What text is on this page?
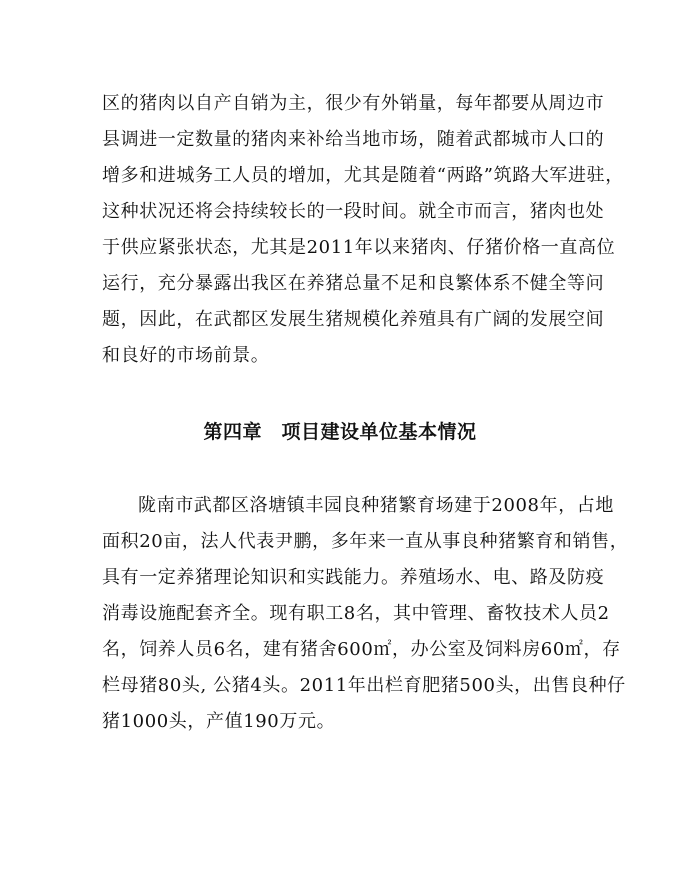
区的猪肉以自产自销为主，很少有外销量，每年都要从周边市
县调进一定数量的猪肉来补给当地市场，随着武都城市人口的
增多和进城务工人员的增加，尤其是随着“两路”筑路大军进驻，
这种状况还将会持续较长的一段时间。就全市而言，猪肉也处
于供应紧张状态，尤其是2011年以来猪肉、仔猪价格一直高位
运行，充分暴露出我区在养猪总量不足和良繁体系不健全等问
题，因此，在武都区发展生猪规模化养殖具有广阔的发展空间
和良好的市场前景。
第四章　项目建设单位基本情况
陇南市武都区洛塘镇丰园良种猪繁育场建于2008年，占地
面积20亩，法人代表尹鹏，多年来一直从事良种猪繁育和销售，
具有一定养猪理论知识和实践能力。养殖场水、电、路及防疫
消毒设施配套齐全。现有职工8名，其中管理、畜牧技术人员2
名，饲养人员6名，建有猪舍600㎡，办公室及饲料房60㎡，存
栏母猪80头, 公猪4头。2011年出栏育肥猪500头，出售良种仔
猪1000头，产值190万元。
